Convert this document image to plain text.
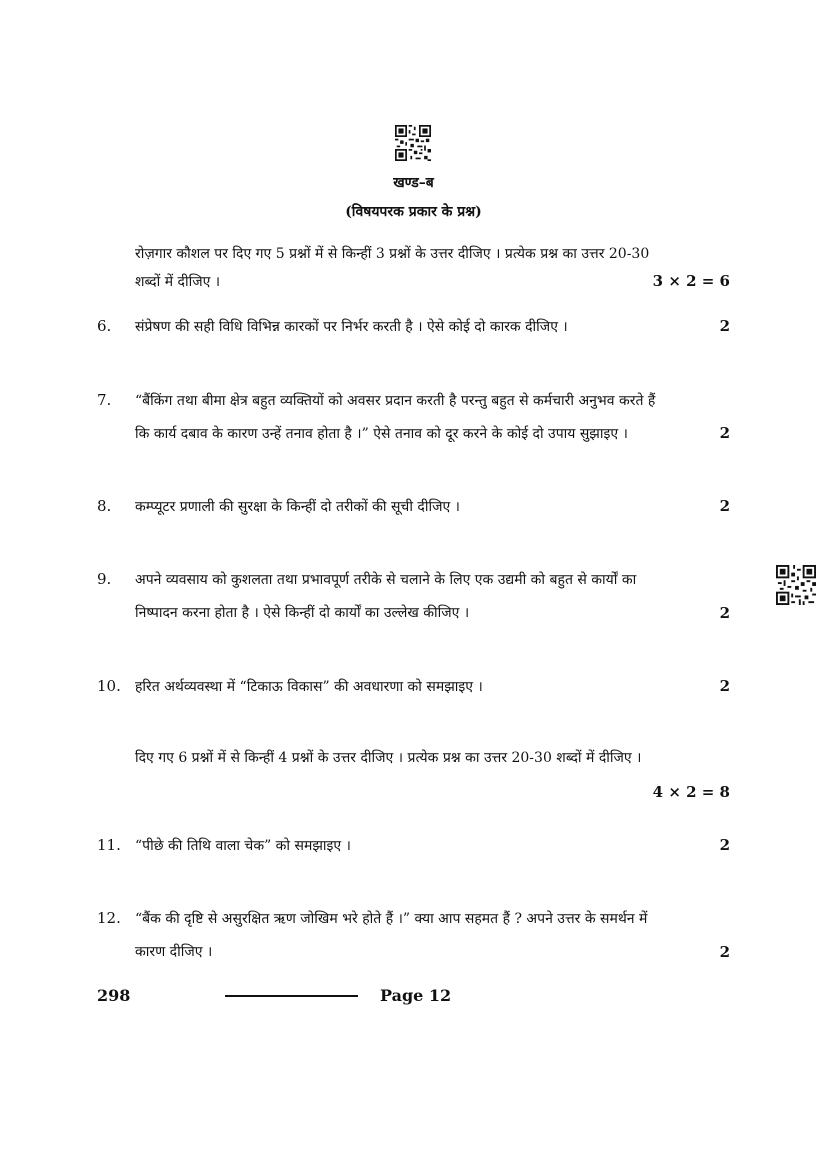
खण्ड–ब
(विषयपरक प्रकार के प्रश्न)
रोज़गार कौशल पर दिए गए 5 प्रश्नों में से किन्हीं 3 प्रश्नों के उत्तर दीजिए । प्रत्येक प्रश्न का उत्तर 20-30
शब्दों में दीजिए ।	3 × 2 = 6
6. संप्रेषण की सही विधि विभिन्न कारकों पर निर्भर करती है । ऐसे कोई दो कारक दीजिए ।	2
7. “बैंकिंग तथा बीमा क्षेत्र बहुत व्यक्तियों को अवसर प्रदान करती है परन्तु बहुत से कर्मचारी अनुभव करते हैं
कि कार्य दबाव के कारण उन्हें तनाव होता है ।” ऐसे तनाव को दूर करने के कोई दो उपाय सुझाइए ।	2
8. कम्प्यूटर प्रणाली की सुरक्षा के किन्हीं दो तरीकों की सूची दीजिए ।	2
9. अपने व्यवसाय को कुशलता तथा प्रभावपूर्ण तरीके से चलाने के लिए एक उद्यमी को बहुत से कार्यों का
निष्पादन करना होता है । ऐसे किन्हीं दो कार्यों का उल्लेख कीजिए ।	2
10. हरित अर्थव्यवस्था में “टिकाऊ विकास” की अवधारणा को समझाइए ।	2
दिए गए 6 प्रश्नों में से किन्हीं 4 प्रश्नों के उत्तर दीजिए । प्रत्येक प्रश्न का उत्तर 20-30 शब्दों में दीजिए ।
4 × 2 = 8
11. “पीछे की तिथि वाला चेक” को समझाइए ।	2
12. “बैंक की दृष्टि से असुरक्षित ऋण जोखिम भरे होते हैं ।” क्या आप सहमत हैं ? अपने उत्तर के समर्थन में
कारण दीजिए ।	2
298	Page 12
